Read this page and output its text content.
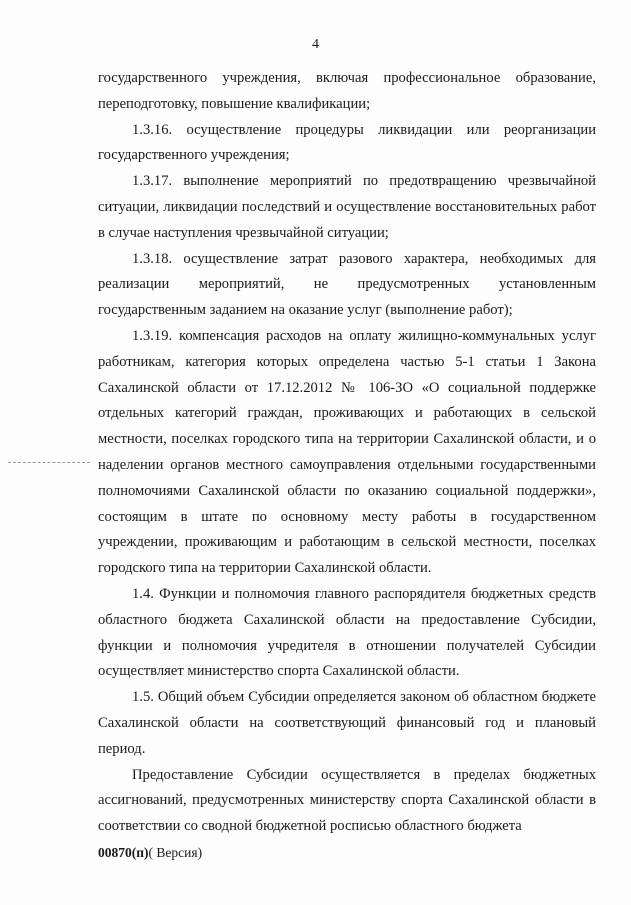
4

государственного учреждения, включая профессиональное образование, переподготовку, повышение квалификации;

1.3.16. осуществление процедуры ликвидации или реорганизации государственного учреждения;

1.3.17. выполнение мероприятий по предотвращению чрезвычайной ситуации, ликвидации последствий и осуществление восстановительных работ в случае наступления чрезвычайной ситуации;

1.3.18. осуществление затрат разового характера, необходимых для реализации мероприятий, не предусмотренных установленным государственным заданием на оказание услуг (выполнение работ);

1.3.19. компенсация расходов на оплату жилищно-коммунальных услуг работникам, категория которых определена частью 5-1 статьи 1 Закона Сахалинской области от 17.12.2012 № 106-ЗО «О социальной поддержке отдельных категорий граждан, проживающих и работающих в сельской местности, поселках городского типа на территории Сахалинской области, и о наделении органов местного самоуправления отдельными государственными полномочиями Сахалинской области по оказанию социальной поддержки», состоящим в штате по основному месту работы в государственном учреждении, проживающим и работающим в сельской местности, поселках городского типа на территории Сахалинской области.

1.4. Функции и полномочия главного распорядителя бюджетных средств областного бюджета Сахалинской области на предоставление Субсидии, функции и полномочия учредителя в отношении получателей Субсидии осуществляет министерство спорта Сахалинской области.

1.5. Общий объем Субсидии определяется законом об областном бюджете Сахалинской области на соответствующий финансовый год и плановый период.

Предоставление Субсидии осуществляется в пределах бюджетных ассигнований, предусмотренных министерству спорта Сахалинской области в соответствии со сводной бюджетной росписью областного бюджета

00870(п)( Версия)
